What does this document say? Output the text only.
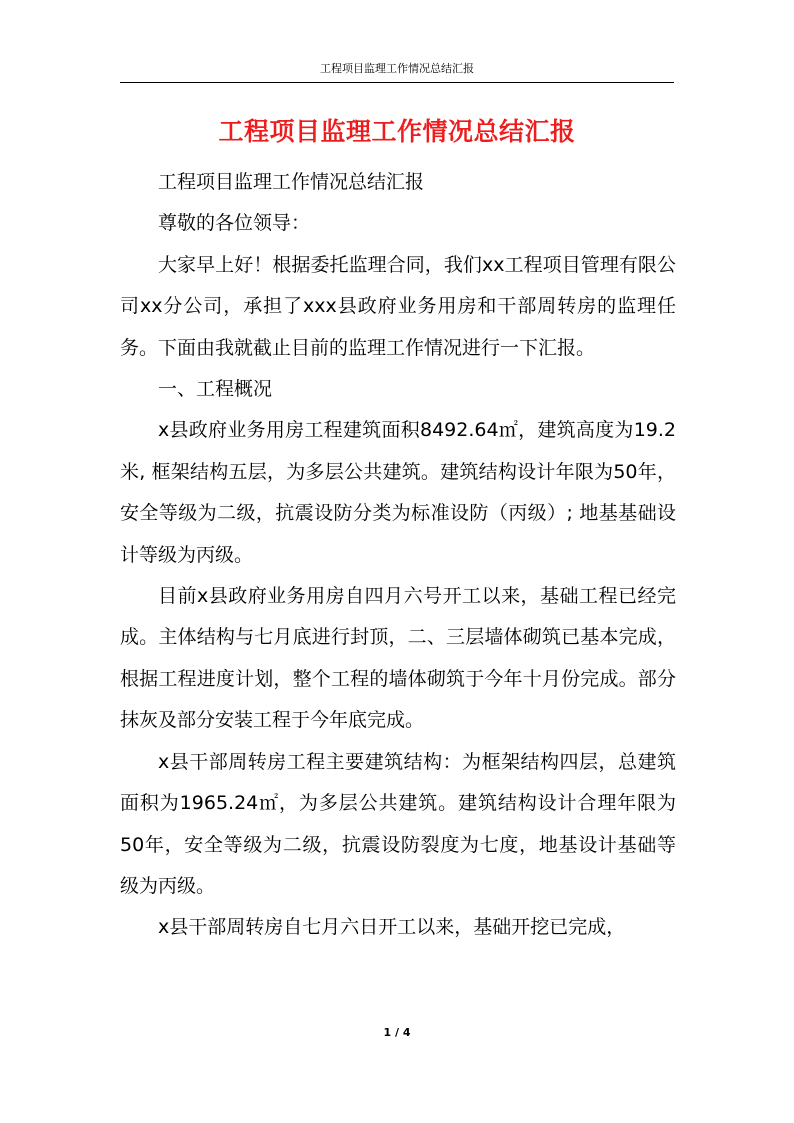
工程项目监理工作情况总结汇报
工程项目监理工作情况总结汇报

工程项目监理工作情况总结汇报

尊敬的各位领导：

大家早上好！根据委托监理合同，我们xx工程项目管理有限公司xx分公司，承担了xxx县政府业务用房和干部周转房的监理任务。下面由我就截止目前的监理工作情况进行一下汇报。

一、工程概况

x县政府业务用房工程建筑面积8492.64㎡，建筑高度为19.2米, 框架结构五层，为多层公共建筑。建筑结构设计年限为50年，安全等级为二级，抗震设防分类为标准设防（丙级）; 地基基础设计等级为丙级。

目前x县政府业务用房自四月六号开工以来，基础工程已经完成。主体结构与七月底进行封顶，二、三层墙体砌筑已基本完成，根据工程进度计划，整个工程的墙体砌筑于今年十月份完成。部分抹灰及部分安装工程于今年底完成。

x县干部周转房工程主要建筑结构：为框架结构四层，总建筑面积为1965.24㎡，为多层公共建筑。建筑结构设计合理年限为50年，安全等级为二级，抗震设防裂度为七度，地基设计基础等级为丙级。

x县干部周转房自七月六日开工以来，基础开挖已完成，

1 / 4
